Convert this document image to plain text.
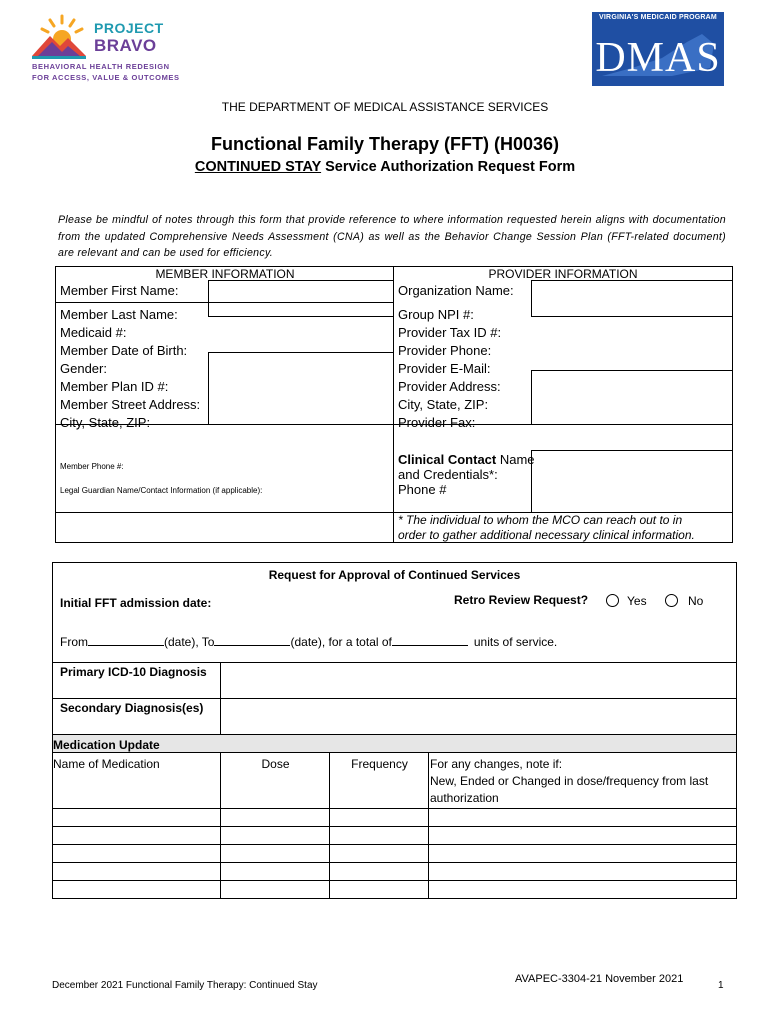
PROJECT
BRAVO
BEHAVIORAL HEALTH REDESIGN
FOR ACCESS, VALUE & OUTCOMES
VIRGINIA'S MEDICAID PROGRAM
DMAS
THE DEPARTMENT OF MEDICAL ASSISTANCE SERVICES
Functional Family Therapy (FFT) (H0036)
CONTINUED STAY Service Authorization Request Form
Please be mindful of notes through this form that provide reference to where information requested herein aligns with documentation from the updated Comprehensive Needs Assessment (CNA) as well as the Behavior Change Session Plan (FFT-related document) are relevant and can be used for efficiency.
MEMBER INFORMATION	PROVIDER INFORMATION
Member First Name:
Member Last Name:
Medicaid #:
Member Date of Birth:
Gender:
Member Plan ID #:
Member Street Address:
City, State, ZIP:
Member Phone #:
Legal Guardian Name/Contact Information (if applicable):
Organization Name:
Group NPI #:
Provider Tax ID #:
Provider Phone:
Provider E-Mail:
Provider Address:
City, State, ZIP:
Provider Fax:
Clinical Contact Name
and Credentials*:
Phone #
* The individual to whom the MCO can reach out to in
order to gather additional necessary clinical information.
Request for Approval of Continued Services
Initial FFT admission date:	Retro Review Request?	Yes	No
From	(date), To	(date), for a total of	units of service.
Primary ICD-10 Diagnosis
Secondary Diagnosis(es)
Medication Update
Name of Medication	Dose	Frequency	For any changes, note if:
New, Ended or Changed in dose/frequency from last
authorization
December 2021 Functional Family Therapy: Continued Stay
AVAPEC-3304-21 November 2021
1
